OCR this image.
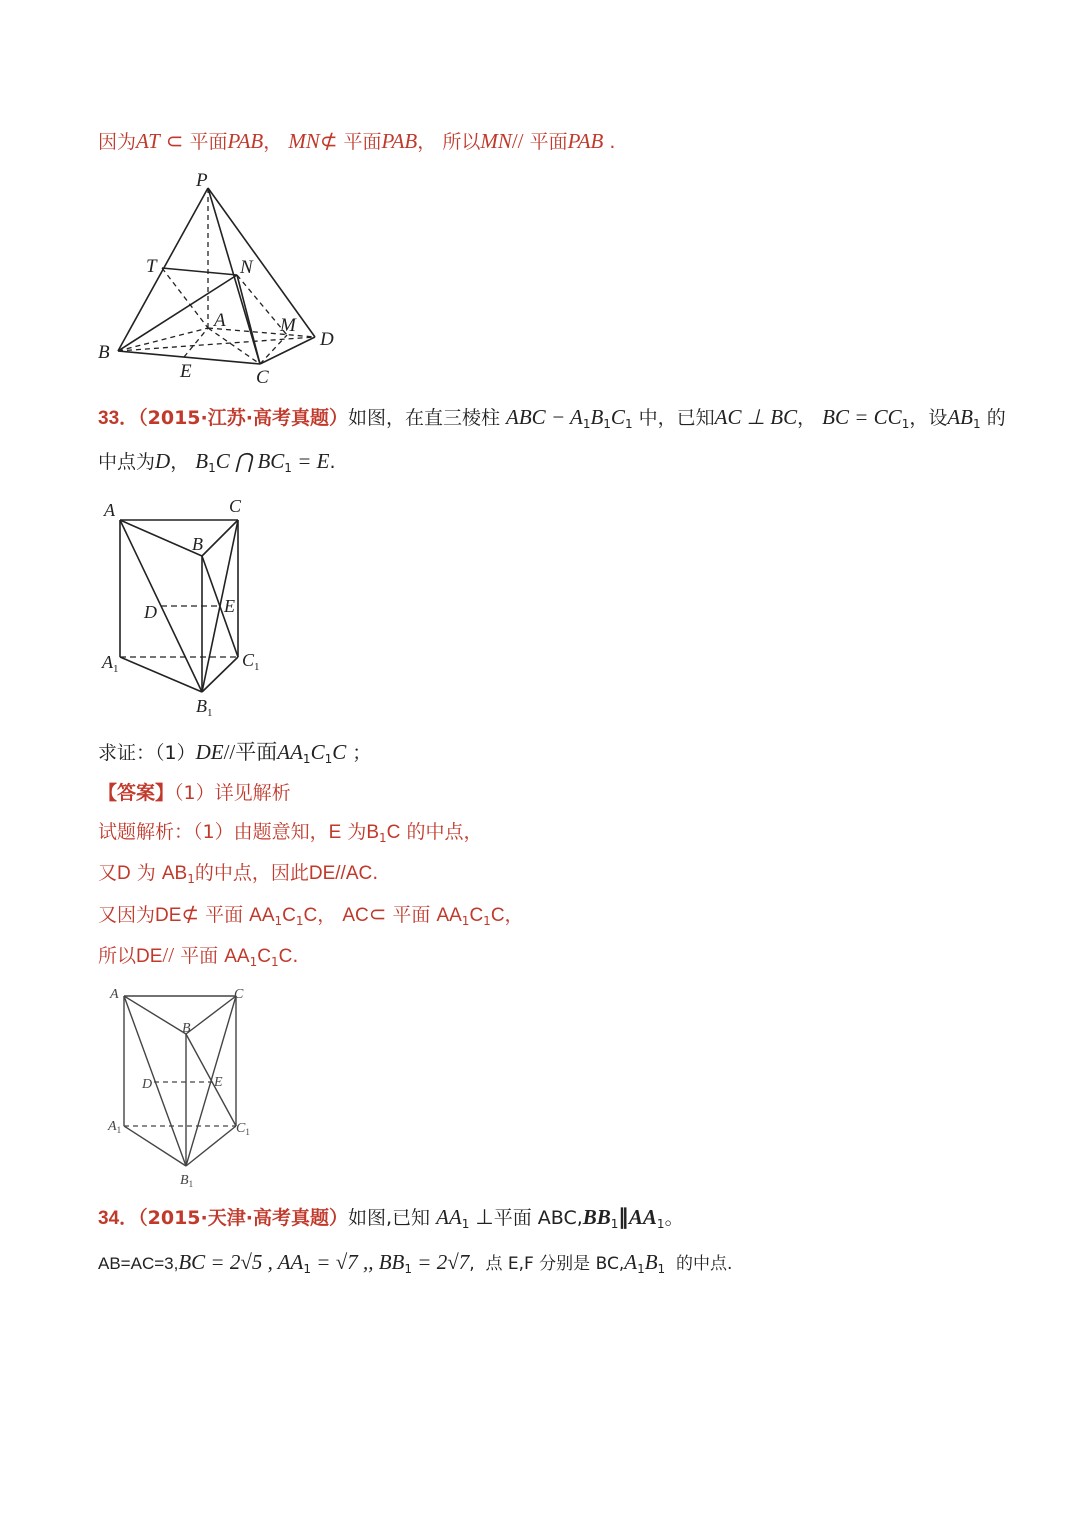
因为AT ⊂ 平面PAB， MN⊄ 平面PAB， 所以MN// 平面PAB .
P
T	N
A	M
D
B
E	C
33．（2015·江苏·高考真题）如图，在直三棱柱 ABC − $A_1B_1C_1$ 中，已知AC ⊥ BC， BC = $CC_1$，设$AB_1$ 的
中点为D， $B_1C$ ⋂ $BC_1 = E$.
A	C
B
D	E
$A_1$	$C_1$
$B_1$
求证：（1）DE//平面$AA_1C_1C$ ；
【答案】（1）详见解析
试题解析：（1）由题意知，E 为$B_1C$ 的中点，
又D 为 $AB_1$的中点，因此DE//AC.
又因为DE⊄ 平面 $AA_1C_1C$， AC⊂ 平面 $AA_1C_1C$，
所以DE// 平面 $AA_1C_1C$.
A	C
B
D	E
$A_1$	$C_1$
$B_1$
34．（2015·天津·高考真题）如图,已知 $AA_1$ ⊥平面 $ABC,BB_1\parallel AA_1$。
AB=AC=3,BC = 2√5 , $AA_1 = √7$ ,, $BB_1 = 2√7$, 点 E,F 分别是 $BC,A_1B_1$ 的中点.
